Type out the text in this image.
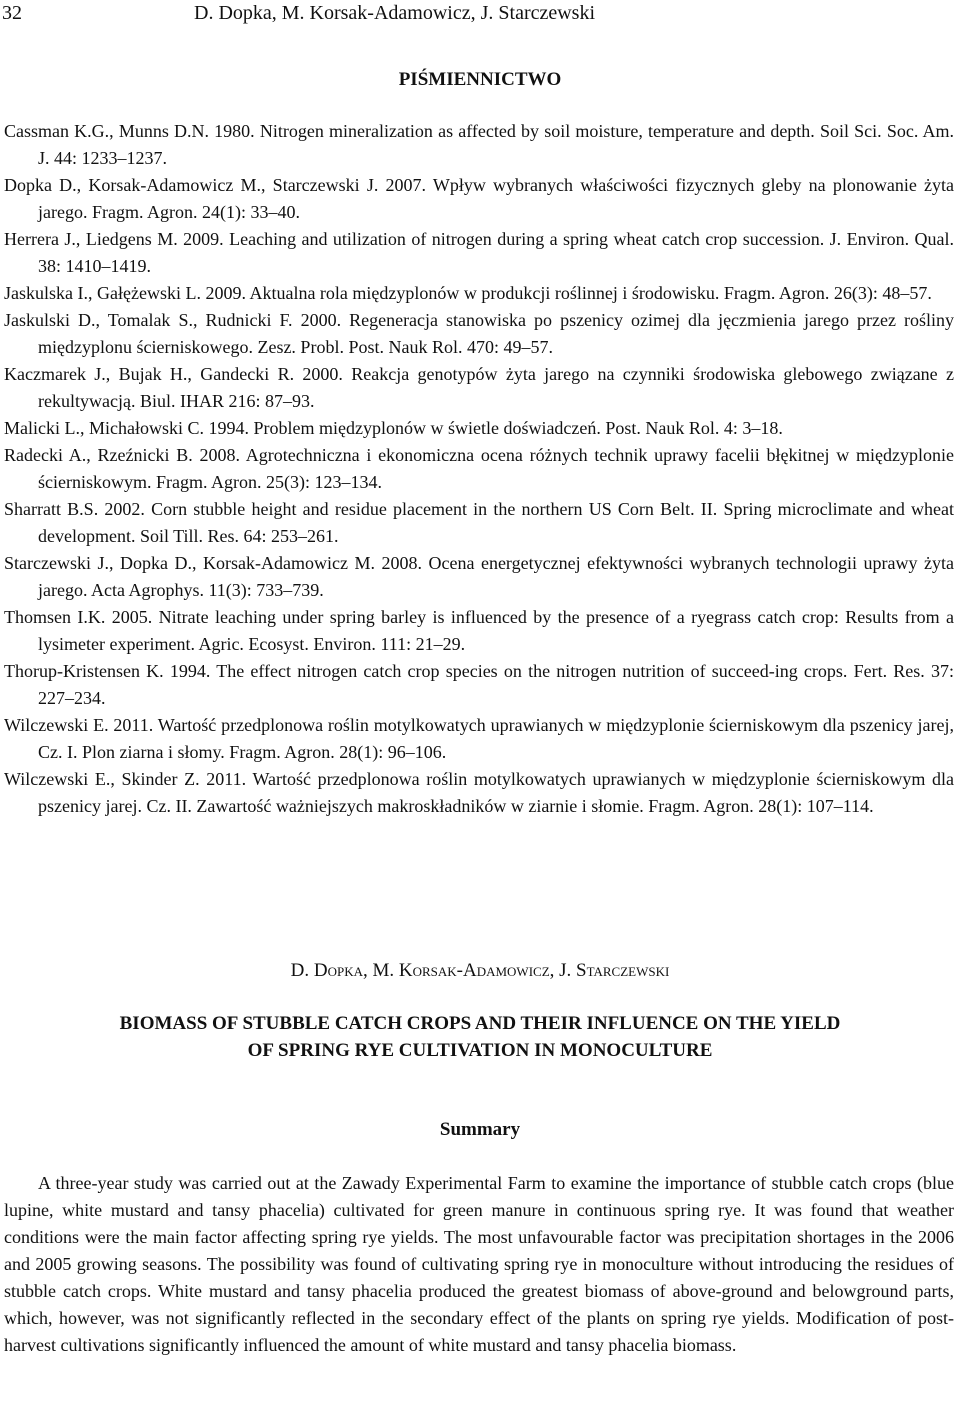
32	D. Dopka, M. Korsak-Adamowicz, J. Starczewski
PIŚMIENNICTWO
Cassman K.G., Munns D.N. 1980. Nitrogen mineralization as affected by soil moisture, temperature and depth. Soil Sci. Soc. Am. J. 44: 1233–1237.
Dopka D., Korsak-Adamowicz M., Starczewski J. 2007. Wpływ wybranych właściwości fizycznych gleby na plonowanie żyta jarego. Fragm. Agron. 24(1): 33–40.
Herrera J., Liedgens M. 2009. Leaching and utilization of nitrogen during a spring wheat catch crop succession. J. Environ. Qual. 38: 1410–1419.
Jaskulska I., Gałężewski L. 2009. Aktualna rola międzyplonów w produkcji roślinnej i środowisku. Fragm. Agron. 26(3): 48–57.
Jaskulski D., Tomalak S., Rudnicki F. 2000. Regeneracja stanowiska po pszenicy ozimej dla jęczmienia jarego przez rośliny międzyplonu ścierniskowego. Zesz. Probl. Post. Nauk Rol. 470: 49–57.
Kaczmarek J., Bujak H., Gandecki R. 2000. Reakcja genotypów żyta jarego na czynniki środowiska glebowego związane z rekultywacją. Biul. IHAR 216: 87–93.
Malicki L., Michałowski C. 1994. Problem międzyplonów w świetle doświadczeń. Post. Nauk Rol. 4: 3–18.
Radecki A., Rzeźnicki B. 2008. Agrotechniczna i ekonomiczna ocena różnych technik uprawy facelii błękitnej w międzyplonie ścierniskowym. Fragm. Agron. 25(3): 123–134.
Sharratt B.S. 2002. Corn stubble height and residue placement in the northern US Corn Belt. II. Spring microclimate and wheat development. Soil Till. Res. 64: 253–261.
Starczewski J., Dopka D., Korsak-Adamowicz M. 2008. Ocena energetycznej efektywności wybranych technologii uprawy żyta jarego. Acta Agrophys. 11(3): 733–739.
Thomsen I.K. 2005. Nitrate leaching under spring barley is influenced by the presence of a ryegrass catch crop: Results from a lysimeter experiment. Agric. Ecosyst. Environ. 111: 21–29.
Thorup-Kristensen K. 1994. The effect nitrogen catch crop species on the nitrogen nutrition of succeed-ing crops. Fert. Res. 37: 227–234.
Wilczewski E. 2011. Wartość przedplonowa roślin motylkowatych uprawianych w międzyplonie ścierniskowym dla pszenicy jarej, Cz. I. Plon ziarna i słomy. Fragm. Agron. 28(1): 96–106.
Wilczewski E., Skinder Z. 2011. Wartość przedplonowa roślin motylkowatych uprawianych w międzyplonie ścierniskowym dla pszenicy jarej. Cz. II. Zawartość ważniejszych makroskładników w ziarnie i słomie. Fragm. Agron. 28(1): 107–114.
D. Dopka, M. Korsak-Adamowicz, J. Starczewski
BIOMASS OF STUBBLE CATCH CROPS AND THEIR INFLUENCE ON THE YIELD
OF SPRING RYE CULTIVATION IN MONOCULTURE
Summary

A three-year study was carried out at the Zawady Experimental Farm to examine the importance of stubble catch crops (blue lupine, white mustard and tansy phacelia) cultivated for green manure in continuous spring rye. It was found that weather conditions were the main factor affecting spring rye yields. The most unfavourable factor was precipitation shortages in the 2006 and 2005 growing seasons. The possibility was found of cultivating spring rye in monoculture without introducing the residues of stubble catch crops. White mustard and tansy phacelia produced the greatest biomass of above-ground and belowground parts, which, however, was not significantly reflected in the secondary effect of the plants on spring rye yields. Modification of post-harvest cultivations significantly influenced the amount of white mustard and tansy phacelia biomass.
